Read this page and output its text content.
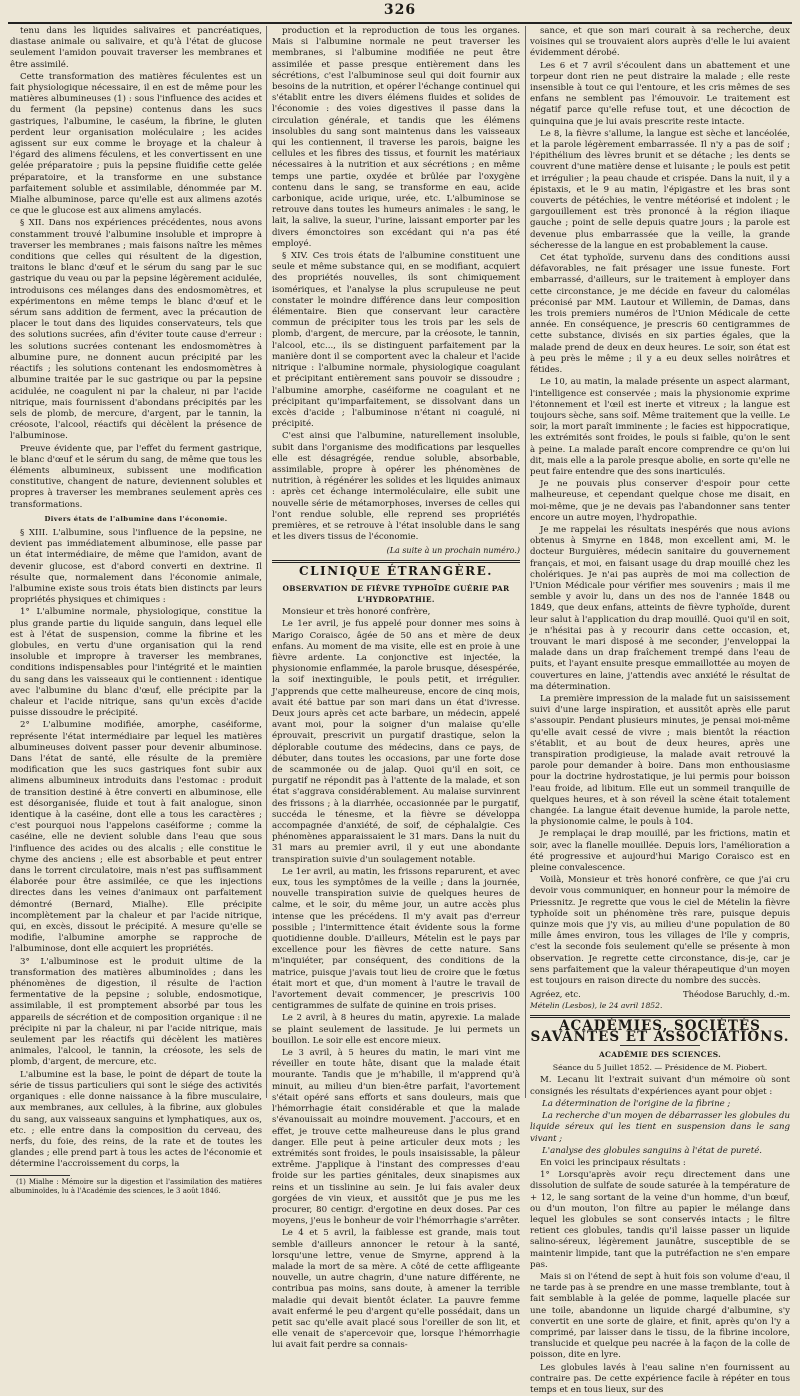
326

tenu dans les liquides salivaires et pancréatiques, diastase animale ou salivaire, et qu'à l'état de glucose seulement l'amidon pouvait traverser les membranes et être assimilé.

Cette transformation des matières féculentes est un fait physiologique nécessaire, il en est de même pour les matières albumineuses (1) : sous l'influence des acides et du ferment (la pepsine) contenus dans les sucs gastriques, l'albumine, le caséum, la fibrine, le gluten perdent leur organisation moléculaire ; les acides agissent sur eux comme le broyage et la chaleur à l'égard des alimens féculens, et les convertissent en une gelée préparatoire ; puis la pepsine fluidifie cette gelée préparatoire, et la transforme en une substance parfaitement soluble et assimilable, dénommée par M. Mialhe albuminose, parce qu'elle est aux alimens azotés ce que le glucose est aux alimens amylacés.

§ XII. Dans nos expériences précédentes, nous avons constamment trouvé l'albumine insoluble et impropre à traverser les membranes ; mais faisons naître les mêmes conditions que celles qui résultent de la digestion, traitons le blanc d'œuf et le sérum du sang par le suc gastrique du veau ou par la pepsine légèrement acidulée, introduisons ces mélanges dans des endosmomètres, et expérimentons en même temps le blanc d'œuf et le sérum sans addition de ferment, avec la précaution de placer le tout dans des liquides conservateurs, tels que des solutions sucrées, afin d'éviter toute cause d'erreur : les solutions sucrées contenant les endosmomètres à albumine pure, ne donnent aucun précipité par les réactifs ; les solutions contenant les endosmomètres à albumine traitée par le suc gastrique ou par la pepsine acidulée, ne coagulent ni par la chaleur, ni par l'acide nitrique, mais fournissent d'abondans précipités par les sels de plomb, de mercure, d'argent, par le tannin, la créosote, l'alcool, réactifs qui décèlent la présence de l'albuminose.

Preuve évidente que, par l'effet du ferment gastrique, le blanc d'œuf et le sérum du sang, de même que tous les éléments albumineux, subissent une modification constitutive, changent de nature, deviennent solubles et propres à traverser les membranes seulement après ces transformations.

Divers états de l'albumine dans l'économie.

§ XIII. L'albumine, sous l'influence de la pepsine, ne devient pas immédiatement albuminose, elle passe par un état intermédiaire, de même que l'amidon, avant de devenir glucose, est d'abord converti en dextrine. Il résulte que, normalement dans l'économie animale, l'albumine existe sous trois états bien distincts par leurs propriétés physiques et chimiques :

1° L'albumine normale, physiologique, constitue la plus grande partie du liquide sanguin, dans lequel elle est à l'état de suspension, comme la fibrine et les globules, en vertu d'une organisation qui la rend insoluble et impropre à traverser les membranes, conditions indispensables pour l'intégrité et le maintien du sang dans les vaisseaux qui le contiennent : identique avec l'albumine du blanc d'œuf, elle précipite par la chaleur et l'acide nitrique, sans qu'un excès d'acide puisse dissoudre le précipité.

2° L'albumine modifiée, amorphe, caséiforme, représente l'état intermédiaire par lequel les matières albumineuses doivent passer pour devenir albuminose. Dans l'état de santé, elle résulte de la première modification que les sucs gastriques font subir aux alimens albumineux introduits dans l'estomac : produit de transition destiné à être converti en albuminose, elle est désorganisée, fluide et tout à fait analogue, sinon identique à la caséine, dont elle a tous les caractères ; c'est pourquoi nous l'appelons caséiforme ; comme la caséine, elle ne devient soluble dans l'eau que sous l'influence des acides ou des alcalis ; elle constitue le chyme des anciens ; elle est absorbable et peut entrer dans le torrent circulatoire, mais n'est pas suffisamment élaborée pour être assimilée, ce que les injections directes dans les veines d'animaux ont parfaitement démontré (Bernard, Mialhe). Elle précipite incomplètement par la chaleur et par l'acide nitrique, qui, en excès, dissout le précipité. A mesure qu'elle se modifie, l'albumine amorphe se rapproche de l'albuminose, dont elle acquiert les propriétés.

3° L'albuminose est le produit ultime de la transformation des matières albuminoïdes ; dans les phénomènes de digestion, il résulte de l'action fermentative de la pepsine ; soluble, endosmotique, assimilable, il est promptement absorbé par tous les appareils de sécrétion et de composition organique : il ne précipite ni par la chaleur, ni par l'acide nitrique, mais seulement par les réactifs qui décèlent les matières animales, l'alcool, le tannin, la créosote, les sels de plomb, d'argent, de mercure, etc.

L'albumine est la base, le point de départ de toute la série de tissus particuliers qui sont le siége des activités organiques : elle donne naissance à la fibre musculaire, aux membranes, aux cellules, à la fibrine, aux globules du sang, aux vaisseaux sanguins et lymphatiques, aux os, etc. ; elle entre dans la composition du cerveau, des nerfs, du foie, des reins, de la rate et de toutes les glandes ; elle prend part à tous les actes de l'économie et détermine l'accroissement du corps, la

(1) Mialhe : Mémoire sur la digestion et l'assimilation des matières albuminoïdes, lu à l'Académie des sciences, le 3 août 1846.

production et la reproduction de tous les organes. Mais si l'albumine normale ne peut traverser les membranes, si l'albumine modifiée ne peut être assimilée et passe presque entièrement dans les sécrétions, c'est l'albuminose seul qui doit fournir aux besoins de la nutrition, et opérer l'échange continuel qui s'établit entre les divers élémens fluides et solides de l'économie : des voies digestives il passe dans la circulation générale, et tandis que les élémens insolubles du sang sont maintenus dans les vaisseaux qui les contiennent, il traverse les parois, baigne les cellules et les fibres des tissus, et fournit les matériaux nécessaires à la nutrition et aux sécrétions ; en même temps une partie, oxydée et brûlée par l'oxygène contenu dans le sang, se transforme en eau, acide carbonique, acide urique, urée, etc. L'albuminose se retrouve dans toutes les humeurs animales : le sang, le lait, la salive, la sueur, l'urine, laissant emporter par les divers émonctoires son excédant qui n'a pas été employé.

§ XIV. Ces trois états de l'albumine constituent une seule et même substance qui, en se modifiant, acquiert des propriétés nouvelles, ils sont chimiquement isomériques, et l'analyse la plus scrupuleuse ne peut constater le moindre différence dans leur composition élémentaire. Bien que conservant leur caractère commun de précipiter tous les trois par les sels de plomb, d'argent, de mercure, par la créosote, le tannin, l'alcool, etc..., ils se distinguent parfaitement par la manière dont il se comportent avec la chaleur et l'acide nitrique : l'albumine normale, physiologique coagulant et précipitant entièrement sans pouvoir se dissoudre ; l'albumine amorphe, caséiforme ne coagulant et ne précipitant qu'imparfaitement, se dissolvant dans un excès d'acide ; l'albuminose n'étant ni coagulé, ni précipité.

C'est ainsi que l'albumine, naturellement insoluble, subit dans l'organisme des modifications par lesquelles elle est désagrégée, rendue soluble, absorbable, assimilable, propre à opérer les phénomènes de nutrition, à régénérer les solides et les liquides animaux : après cet échange intermoléculaire, elle subit une nouvelle série de métamorphoses, inverses de celles qui l'ont rendue soluble, elle reprend ses propriétés premières, et se retrouve à l'état insoluble dans le sang et les divers tissus de l'économie.

(La suite à un prochain numéro.)

CLINIQUE ÉTRANGÈRE.

OBSERVATION DE FIÈVRE TYPHOÏDE GUÉRIE PAR L'HYDROPATHIE.

Monsieur et très honoré confrère,

Le 1er avril, je fus appelé pour donner mes soins à Marigo Coraisco, âgée de 50 ans et mère de deux enfans. Au moment de ma visite, elle est en proie à une fièvre ardente. La conjonctive est injectée, la physionomie enflammée, la parole brusque, désespérée, la soif inextinguible, le pouls petit, et irrégulier. J'apprends que cette malheureuse, encore de cinq mois, avait été battue par son mari dans un état d'ivresse. Deux jours après cet acte barbare, un médecin, appelé avant moi, pour la soigner d'un malaise qu'elle éprouvait, prescrivit un purgatif drastique, selon la déplorable coutume des médecins, dans ce pays, de débuter, dans toutes les occasions, par une forte dose de scammonée ou de jalap. Quoi qu'il en soit, ce purgatif ne répondit pas à l'attente de la malade, et son état s'aggrava considérablement. Au malaise survinrent des frissons ; à la diarrhée, occasionnée par le purgatif, succéda le ténesme, et la fièvre se développa accompagnée d'anxiété, de soif, de céphalalgie. Ces phénomènes apparaissaient le 31 mars. Dans la nuit du 31 mars au premier avril, il y eut une abondante transpiration suivie d'un soulagement notable.

Le 1er avril, au matin, les frissons reparurent, et avec eux, tous les symptômes de la veille ; dans la journée, nouvelle transpiration suivie de quelques heures de calme, et le soir, du même jour, un autre accès plus intense que les précédens. Il m'y avait pas d'erreur possible ; l'intermittence était évidente sous la forme quotidienne double. D'ailleurs, Mételin est le pays par excellence pour les fièvres de cette nature. Sans m'inquiéter, par conséquent, des conditions de la matrice, puisque j'avais tout lieu de croire que le fœtus était mort et que, d'un moment à l'autre le travail de l'avortement devait commencer, je prescrivis 100 centigrammes de sulfate de quinine en trois prises.

Le 2 avril, à 8 heures du matin, apyrexie. La malade se plaint seulement de lassitude. Je lui permets un bouillon. Le soir elle est encore mieux.

Le 3 avril, à 5 heures du matin, le mari vint me réveiller en toute hâte, disant que la malade était mourante. Tandis que je m'habille, il m'apprend qu'à minuit, au milieu d'un bien-être parfait, l'avortement s'était opéré sans efforts et sans douleurs, mais que l'hémorrhagie était considérable et que la malade s'évanouissait au moindre mouvement. J'accours, et en effet, je trouve cette malheureuse dans le plus grand danger. Elle peut à peine articuler deux mots ; les extrémités sont froides, le pouls insaisissable, la pâleur extrême. J'applique à l'instant des compresses d'eau froide sur les parties génitales, deux sinapismes aux reins et un tisslinine au sein. Je lui fais avaler deux gorgées de vin vieux, et aussitôt que je pus me les procurer, 80 centigr. d'ergotine en deux doses. Par ces moyens, j'eus le bonheur de voir l'hémorrhagie s'arrêter.

Le 4 et 5 avril, la faiblesse est grande, mais tout semble d'ailleurs annoncer le retour à la santé, lorsqu'une lettre, venue de Smyrne, apprend à la malade la mort de sa mère. A côté de cette affligeante nouvelle, un autre chagrin, d'une nature différente, ne contribua pas moins, sans doute, à amener la terrible maladie qui devait bientôt éclater. La pauvre femme avait enfermé le peu d'argent qu'elle possédait, dans un petit sac qu'elle avait placé sous l'oreiller de son lit, et elle venait de s'apercevoir que, lorsque l'hémorrhagie lui avait fait perdre sa connais-

sance, et que son mari courait à sa recherche, deux voisines qui se trouvaient alors auprès d'elle le lui avaient évidemment dérobé.

Les 6 et 7 avril s'écoulent dans un abattement et une torpeur dont rien ne peut distraire la malade ; elle reste insensible à tout ce qui l'entoure, et les cris mêmes de ses enfans ne semblent pas l'émouvoir. Le traitement est négatif parce qu'elle refuse tout, et une décoction de quinquina que je lui avais prescrite reste intacte.

Le 8, la fièvre s'allume, la langue est sèche et lancéolée, et la parole légèrement embarrassée. Il n'y a pas de soif ; l'épithélium des lèvres brunit et se détache ; les dents se couvrent d'une matière dense et luisante ; le pouls est petit et irrégulier ; la peau chaude et crispée. Dans la nuit, il y a épistaxis, et le 9 au matin, l'épigastre et les bras sont couverts de pétéchies, le ventre météorisé et indolent ; le gargouillement est très prononcé à la région iliaque gauche ; point de selle depuis quatre jours ; la parole est devenue plus embarrassée que la veille, la grande sécheresse de la langue en est probablement la cause.

Cet état typhoïde, survenu dans des conditions aussi défavorables, ne fait présager une issue funeste. Fort embarrassé, d'ailleurs, sur le traitement à employer dans cette circonstance, je me décide en faveur du calomélas préconisé par MM. Lautour et Willemin, de Damas, dans les trois premiers numéros de l'Union Médicale de cette année. En conséquence, je prescris 60 centigrammes de cette substance, divisés en six parties égales, que la malade prend de deux en deux heures. Le soir, son état est à peu près le même ; il y a eu deux selles noirâtres et fétides.

Le 10, au matin, la malade présente un aspect alarmant, l'intelligence est conservée ; mais la physionomie exprime l'étonnement et l'œil est inerte et vitreux ; la langue est toujours sèche, sans soif. Même traitement que la veille. Le soir, la mort paraît imminente ; le facies est hippocratique, les extrémités sont froides, le pouls si faible, qu'on le sent à peine. La malade paraît encore comprendre ce qu'on lui dit, mais elle a la parole presque abolie, en sorte qu'elle ne peut faire entendre que des sons inarticulés.

Je ne pouvais plus conserver d'espoir pour cette malheureuse, et cependant quelque chose me disait, en moi-même, que je ne devais pas l'abandonner sans tenter encore un autre moyen, l'hydropathie.

Je me rappelai les résultats inespérés que nous avions obtenus à Smyrne en 1848, mon excellent ami, M. le docteur Burguières, médecin sanitaire du gouvernement français, et moi, en faisant usage du drap mouillé chez les cholériques. Je n'ai pas auprès de moi ma collection de l'Union Médicale pour vérifier mes souvenirs ; mais il me semble y avoir lu, dans un des nos de l'année 1848 ou 1849, que deux enfans, atteints de fièvre typhoïde, durent leur salut à l'application du drap mouillé. Quoi qu'il en soit, je n'hésitai pas à y recourir dans cette occasion, et, trouvant le mari disposé à me seconder, j'enveloppai la malade dans un drap fraîchement trempé dans l'eau de puits, et l'ayant ensuite presque emmaillottée au moyen de couvertures en laine, j'attendis avec anxiété le résultat de ma détermination.

La première impression de la malade fut un saisissement suivi d'une large inspiration, et aussitôt après elle parut s'assoupir. Pendant plusieurs minutes, je pensai moi-même qu'elle avait cessé de vivre ; mais bientôt la réaction s'établit, et au bout de deux heures, après une transpiration prodigieuse, la malade avait retrouvé la parole pour demander à boire. Dans mon enthousiasme pour la doctrine hydrostatique, je lui permis pour boisson l'eau froide, ad libitum. Elle eut un sommeil tranquille de quelques heures, et à son réveil la scène était totalement changée. La langue était devenue humide, la parole nette, la physionomie calme, le pouls à 104.

Je remplaçai le drap mouillé, par les frictions, matin et soir, avec la flanelle mouillée. Depuis lors, l'amélioration a été progressive et aujourd'hui Marigo Coraisco est en pleine convalescence.

Voilà, Monsieur et très honoré confrère, ce que j'ai cru devoir vous communiquer, en honneur pour la mémoire de Priessnitz. Je regrette que vous le ciel de Mételin la fièvre typhoïde soit un phénomène très rare, puisque depuis quinze mois que j'y vis, au milieu d'une population de 80 mille âmes environ, tous les villages de l'île y compris, c'est la seconde fois seulement qu'elle se présente à mon observation. Je regrette cette circonstance, dis-je, car je sens parfaitement que la valeur thérapeutique d'un moyen est toujours en raison directe du nombre des succès.

Agréez, etc.	Théodose Baruchly, d.-m.

Mételin (Lesbos), le 24 avril 1852.

ACADÉMIES, SOCIÉTÉS SAVANTES ET ASSOCIATIONS.

ACADÉMIE DES SCIENCES.

Séance du 5 Juillet 1852. — Présidence de M. Piobert.

M. Lecanu lit l'extrait suivant d'un mémoire où sont consignés les résultats d'expériences ayant pour objet :

La détermination de l'origine de la fibrine ;

La recherche d'un moyen de débarrasser les globules du liquide séreux qui les tient en suspension dans le sang vivant ;

L'analyse des globules sanguins à l'état de pureté.

En voici les principaux résultats :

1° Lorsqu'après avoir reçu directement dans une dissolution de sulfate de soude saturée à la température de + 12, le sang sortant de la veine d'un homme, d'un bœuf, ou d'un mouton, l'on filtre au papier le mélange dans lequel les globules se sont conservés intacts ; le filtre retient ces globules, tandis qu'il laisse passer un liquide salino-séreux, légèrement jaunâtre, susceptible de se maintenir limpide, tant que la putréfaction ne s'en empare pas.

Mais si on l'étend de sept à huit fois son volume d'eau, il ne tarde pas à se prendre en une masse tremblante, tout à fait semblable à la gelée de pomme, laquelle placée sur une toile, abandonne un liquide chargé d'albumine, s'y convertit en une sorte de glaire, et finit, après qu'on l'y a comprimé, par laisser dans le tissu, de la fibrine incolore, translucide et quelque peu nacrée à la façon de la colle de poisson, dite en lyre.

Les globules lavés à l'eau saline n'en fournissent au contraire pas. De cette expérience facile à répéter en tous temps et en tous lieux, sur des
